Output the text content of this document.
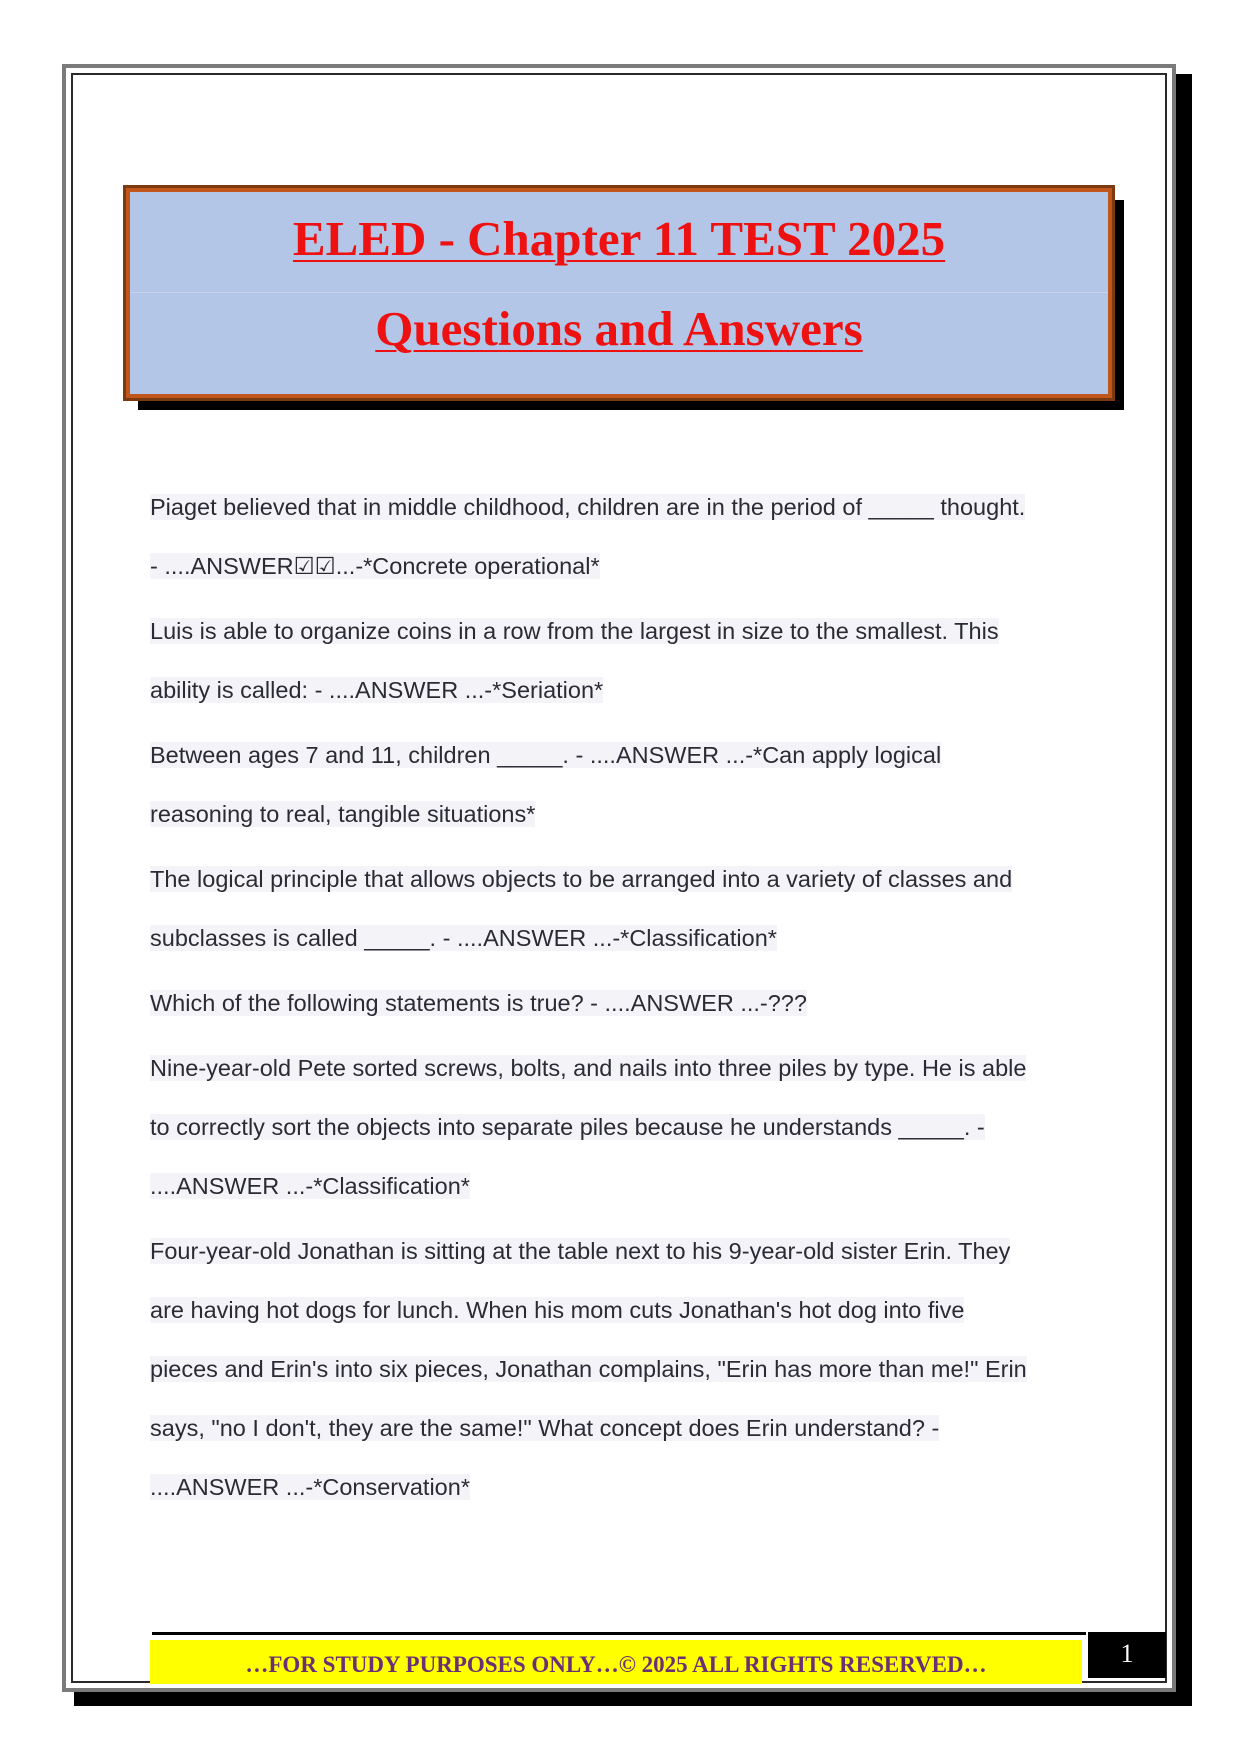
ELED - Chapter 11 TEST 2025
Questions and Answers

Piaget believed that in middle childhood, children are in the period of _____ thought.
- ....ANSWER☑☑...-*Concrete operational*

Luis is able to organize coins in a row from the largest in size to the smallest. This
ability is called: - ....ANSWER ...-*Seriation*

Between ages 7 and 11, children _____. - ....ANSWER ...-*Can apply logical
reasoning to real, tangible situations*

The logical principle that allows objects to be arranged into a variety of classes and
subclasses is called _____. - ....ANSWER ...-*Classification*

Which of the following statements is true? - ....ANSWER ...-???

Nine-year-old Pete sorted screws, bolts, and nails into three piles by type. He is able
to correctly sort the objects into separate piles because he understands _____. -
....ANSWER ...-*Classification*

Four-year-old Jonathan is sitting at the table next to his 9-year-old sister Erin. They
are having hot dogs for lunch. When his mom cuts Jonathan's hot dog into five
pieces and Erin's into six pieces, Jonathan complains, "Erin has more than me!" Erin
says, "no I don't, they are the same!" What concept does Erin understand? -
....ANSWER ...-*Conservation*

…FOR STUDY PURPOSES ONLY…© 2025 ALL RIGHTS RESERVED…	1
